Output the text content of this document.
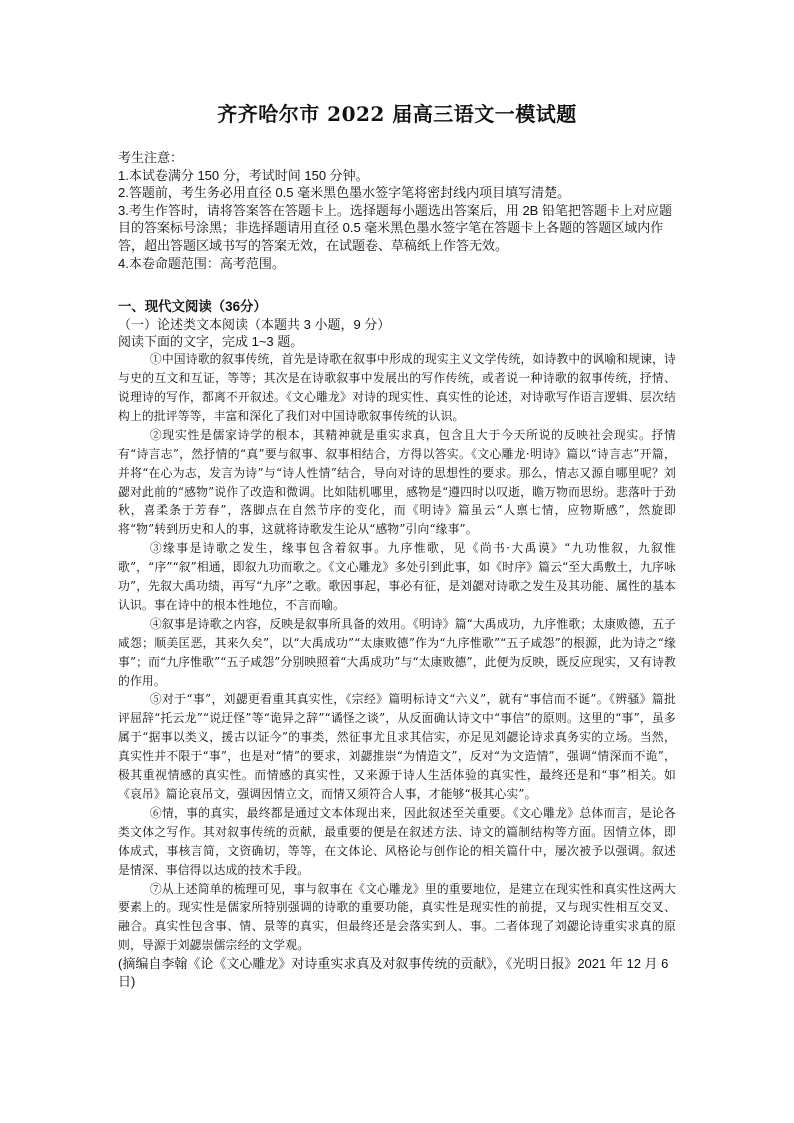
齐齐哈尔市 2022 届高三语文一模试题

考生注意：

1.本试卷满分 150 分，考试时间 150 分钟。

2.答题前，考生务必用直径 0.5 毫米黑色墨水签字笔将密封线内项目填写清楚。

3.考生作答时，请将答案答在答题卡上。选择题每小题选出答案后，用 2B 铅笔把答题卡上对应题目的答案标号涂黑；非选择题请用直径 0.5 毫米黑色墨水签字笔在答题卡上各题的答题区域内作答，超出答题区域书写的答案无效，在试题卷、草稿纸上作答无效。

4.本卷命题范围：高考范围。

一、现代文阅读（36分）

（一）论述类文本阅读（本题共 3 小题，9 分）

阅读下面的文字，完成 1~3 题。

①中国诗歌的叙事传统，首先是诗歌在叙事中形成的现实主义文学传统，如诗教中的讽喻和规谏，诗与史的互文和互证，等等；其次是在诗歌叙事中发展出的写作传统，或者说一种诗歌的叙事传统，抒情、说理诗的写作，都离不开叙述。《文心雕龙》对诗的现实性、真实性的论述，对诗歌写作语言逻辑、层次结构上的批评等等，丰富和深化了我们对中国诗歌叙事传统的认识。

②现实性是儒家诗学的根本，其精神就是重实求真，包含且大于今天所说的反映社会现实。抒情有“诗言志”，然抒情的“真”要与叙事、叙事相结合，方得以答实。《文心雕龙·明诗》篇以“诗言志”开篇，并将“在心为志，发言为诗”与“诗人性情”结合，导向对诗的思想性的要求。那么，情志又源自哪里呢？刘勰对此前的“感物”说作了改造和微调。比如陆机哪里，感物是“遵四时以叹逝，瞻万物而思纷。悲落叶于劲秋，喜柔条于芳春”，落脚点在自然节序的变化，而《明诗》篇虽云“人禀七情，应物斯感”，然旋即将“物”转到历史和人的事，这就将诗歌发生论从“感物”引向“缘事”。

③缘事是诗歌之发生，缘事包含着叙事。九序惟歌，见《尚书·大禹谟》“九功惟叙，九叙惟歌”，“序”“叙”相通，即叙九功而歌之。《文心雕龙》多处引到此事，如《时序》篇云“至大禹敷土，九序咏功”，先叙大禹功绩，再写“九序”之歌。歌因事起，事必有征，是刘勰对诗歌之发生及其功能、属性的基本认识。事在诗中的根本性地位，不言而喻。

④叙事是诗歌之内容，反映是叙事所具备的效用。《明诗》篇“大禹成功，九序惟歌；太康败德，五子咸怨；顺美匡恶，其来久矣”，以“大禹成功”“太康败德”作为“九序惟歌”“五子咸怨”的根源，此为诗之“缘事”；而“九序惟歌”“五子咸怨”分别映照着“大禹成功”与“太康败德”，此便为反映，既反应现实，又有诗教的作用。

⑤对于“事”，刘勰更看重其真实性，《宗经》篇明标诗文“六义”，就有“事信而不诞”。《辨骚》篇批评屈辞“托云龙”“说迂怪”等“诡异之辞”“谲怪之谈”，从反面确认诗文中“事信”的原则。这里的“事”，虽多属于“据事以类义，援古以证今”的事类，然征事尤且求其信实，亦足见刘勰论诗求真务实的立场。当然，真实性并不限于“事”，也是对“情”的要求，刘勰推崇“为情造文”，反对“为文造情”，强调“情深而不诡”，极其重视情感的真实性。而情感的真实性，又来源于诗人生活体验的真实性，最终还是和“事”相关。如《哀吊》篇论哀吊文，强调因情立文，而情又须符合人事，才能够“极其心实”。

⑥情，事的真实，最终都是通过文本体现出来，因此叙述至关重要。《文心雕龙》总体而言，是论各类文体之写作。其对叙事传统的贡献，最重要的便是在叙述方法、诗文的篇制结构等方面。因情立体，即体成式，事核言简，文资确切，等等，在文体论、风格论与创作论的相关篇什中，屡次被予以强调。叙述是情深、事信得以达成的技术手段。

⑦从上述简单的梳理可见，事与叙事在《文心雕龙》里的重要地位，是建立在现实性和真实性这两大要素上的。现实性是儒家所特别强调的诗歌的重要功能，真实性是现实性的前提，又与现实性相互交叉、融合。真实性包含事、情、景等的真实，但最终还是会落实到人、事。二者体现了刘勰论诗重实求真的原则，导源于刘勰崇儒宗经的文学观。

(摘编自李翰《论《文心雕龙》对诗重实求真及对叙事传统的贡献》，《光明日报》2021 年 12 月 6 日)
